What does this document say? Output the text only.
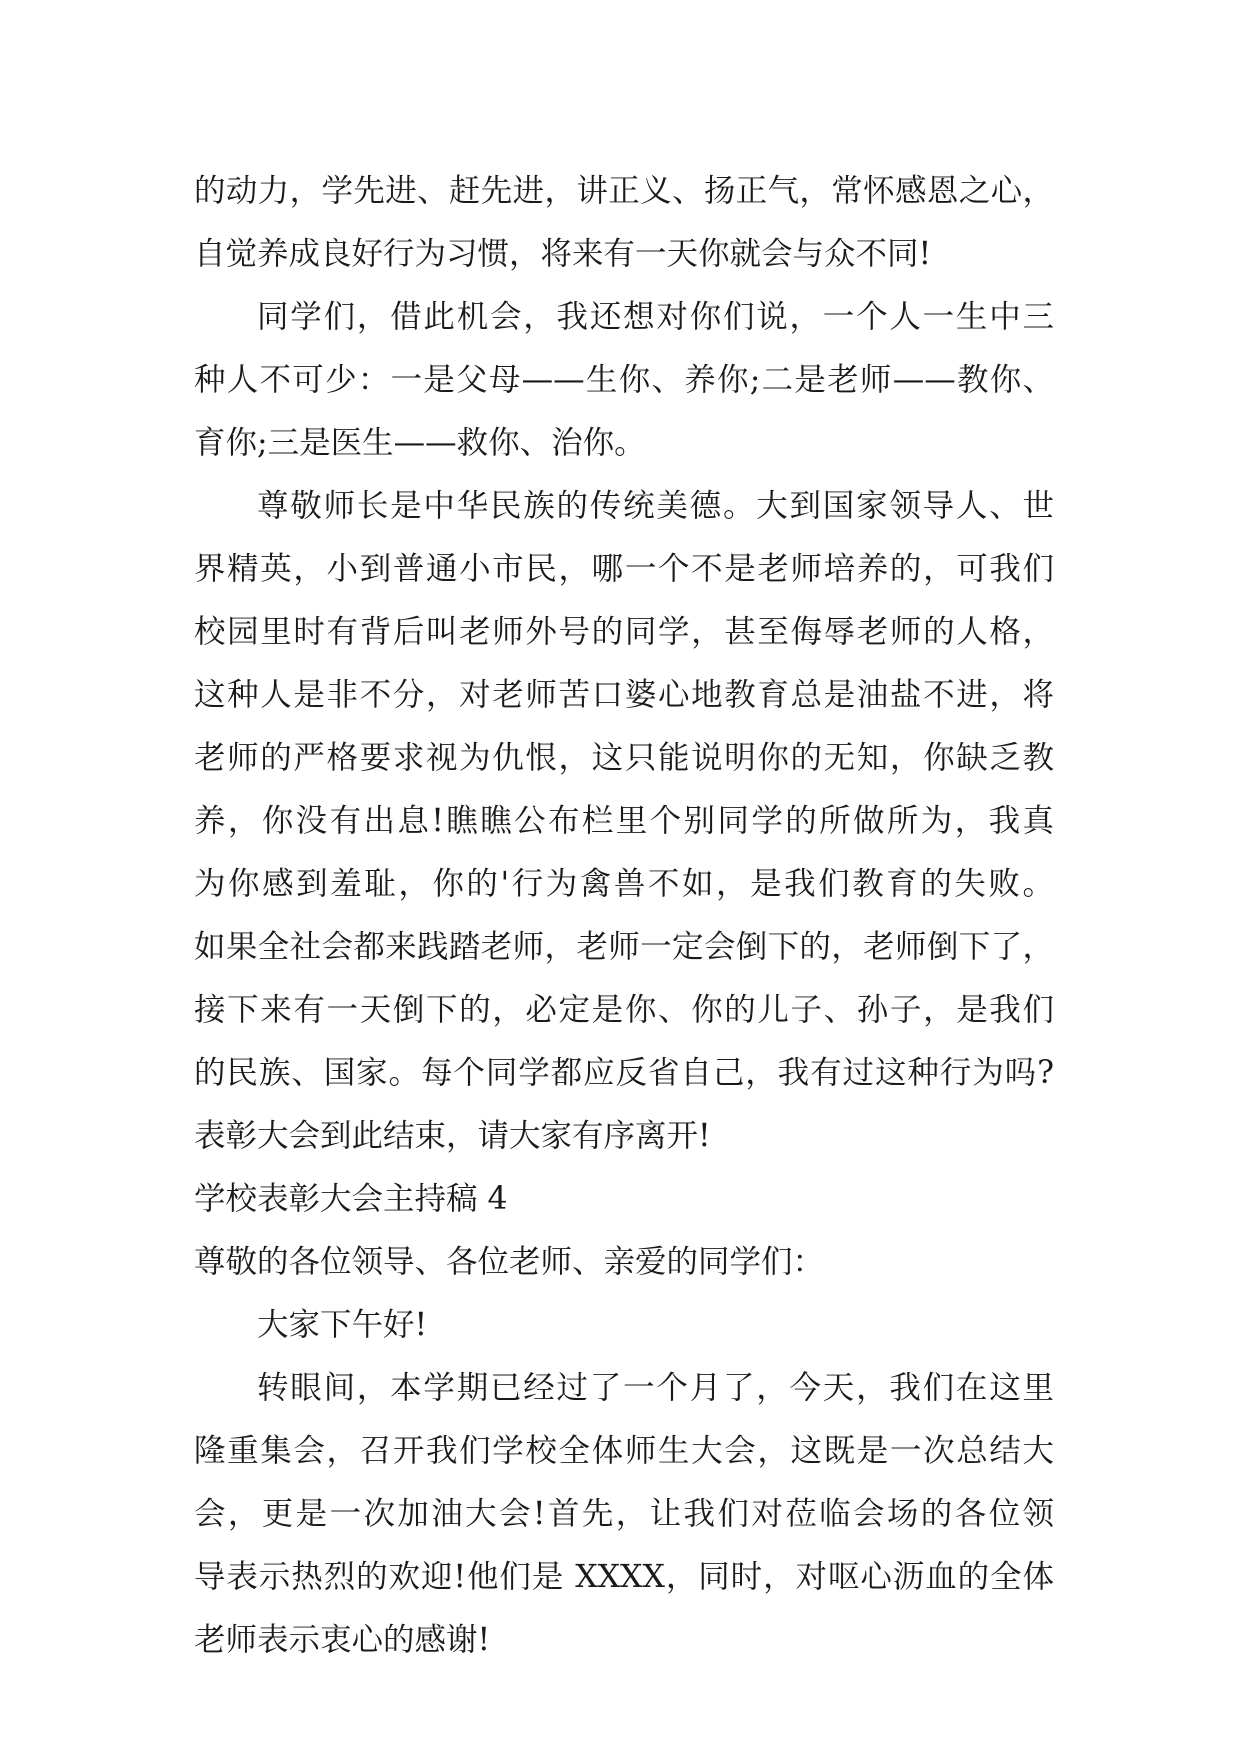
的动力，学先进、赶先进，讲正义、扬正气，常怀感恩之心，
自觉养成良好行为习惯，将来有一天你就会与众不同!
同学们，借此机会，我还想对你们说，一个人一生中三
种人不可少：一是父母——生你、养你;二是老师——教你、
育你;三是医生——救你、治你。
尊敬师长是中华民族的传统美德。大到国家领导人、世
界精英，小到普通小市民，哪一个不是老师培养的，可我们
校园里时有背后叫老师外号的同学，甚至侮辱老师的人格，
这种人是非不分，对老师苦口婆心地教育总是油盐不进，将
老师的严格要求视为仇恨，这只能说明你的无知，你缺乏教
养，你没有出息!瞧瞧公布栏里个别同学的所做所为，我真
为你感到羞耻，你的'行为禽兽不如，是我们教育的失败。
如果全社会都来践踏老师，老师一定会倒下的，老师倒下了，
接下来有一天倒下的，必定是你、你的儿子、孙子，是我们
的民族、国家。每个同学都应反省自己，我有过这种行为吗?
表彰大会到此结束，请大家有序离开!
学校表彰大会主持稿 4
尊敬的各位领导、各位老师、亲爱的同学们：
大家下午好!
转眼间，本学期已经过了一个月了，今天，我们在这里
隆重集会，召开我们学校全体师生大会，这既是一次总结大
会，更是一次加油大会!首先，让我们对莅临会场的各位领
导表示热烈的欢迎!他们是 XXXX，同时，对呕心沥血的全体
老师表示衷心的感谢!
